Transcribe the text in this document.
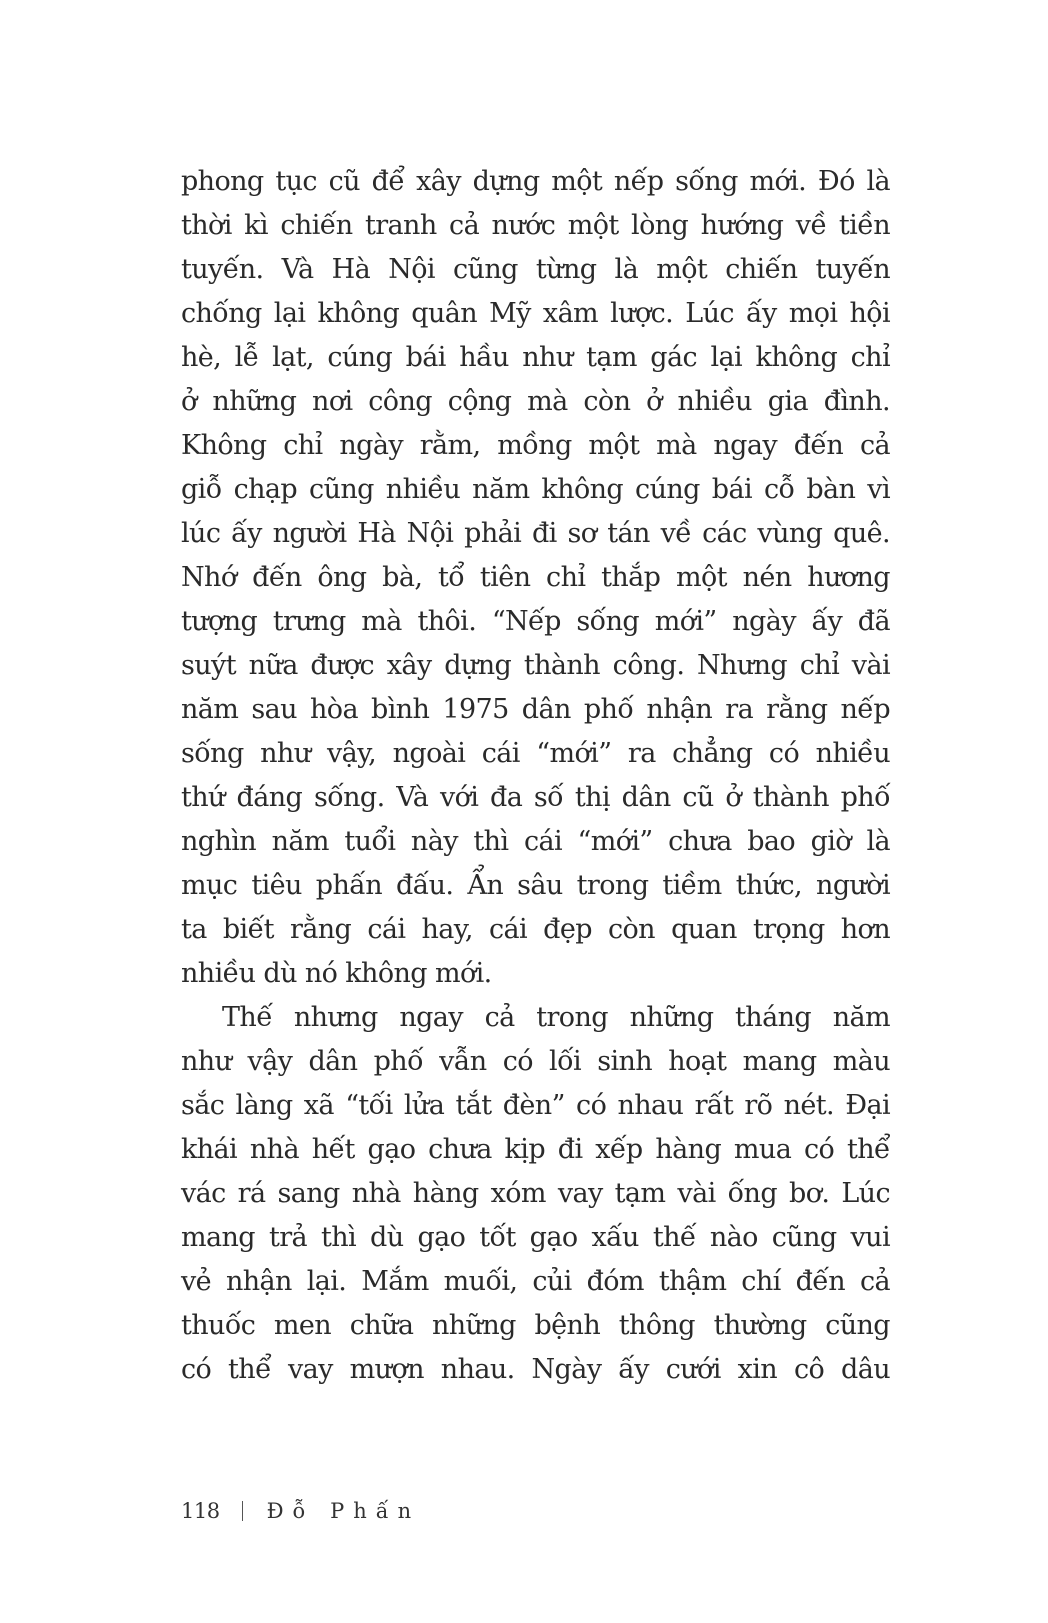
phong tục cũ để xây dựng một nếp sống mới. Đó là
thời kì chiến tranh cả nước một lòng hướng về tiền
tuyến. Và Hà Nội cũng từng là một chiến tuyến
chống lại không quân Mỹ xâm lược. Lúc ấy mọi hội
hè, lễ lạt, cúng bái hầu như tạm gác lại không chỉ
ở những nơi công cộng mà còn ở nhiều gia đình.
Không chỉ ngày rằm, mồng một mà ngay đến cả
giỗ chạp cũng nhiều năm không cúng bái cỗ bàn vì
lúc ấy người Hà Nội phải đi sơ tán về các vùng quê.
Nhớ đến ông bà, tổ tiên chỉ thắp một nén hương
tượng trưng mà thôi. “Nếp sống mới” ngày ấy đã
suýt nữa được xây dựng thành công. Nhưng chỉ vài
năm sau hòa bình 1975 dân phố nhận ra rằng nếp
sống như vậy, ngoài cái “mới” ra chẳng có nhiều
thứ đáng sống. Và với đa số thị dân cũ ở thành phố
nghìn năm tuổi này thì cái “mới” chưa bao giờ là
mục tiêu phấn đấu. Ẩn sâu trong tiềm thức, người
ta biết rằng cái hay, cái đẹp còn quan trọng hơn
nhiều dù nó không mới.
Thế nhưng ngay cả trong những tháng năm
như vậy dân phố vẫn có lối sinh hoạt mang màu
sắc làng xã “tối lửa tắt đèn” có nhau rất rõ nét. Đại
khái nhà hết gạo chưa kịp đi xếp hàng mua có thể
vác rá sang nhà hàng xóm vay tạm vài ống bơ. Lúc
mang trả thì dù gạo tốt gạo xấu thế nào cũng vui
vẻ nhận lại. Mắm muối, củi đóm thậm chí đến cả
thuốc men chữa những bệnh thông thường cũng
có thể vay mượn nhau. Ngày ấy cưới xin cô dâu
118 Đỗ Phấn
